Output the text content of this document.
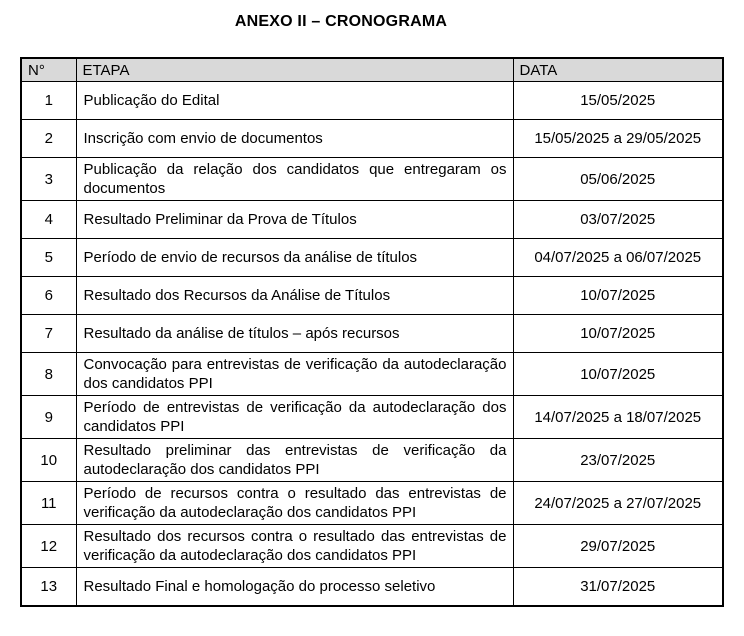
ANEXO II – CRONOGRAMA
N°	ETAPA	DATA
1	Publicação do Edital	15/05/2025
2	Inscrição com envio de documentos	15/05/2025 a 29/05/2025
3	Publicação da relação dos candidatos que entregaram os documentos	05/06/2025
4	Resultado Preliminar da Prova de Títulos	03/07/2025
5	Período de envio de recursos da análise de títulos	04/07/2025 a 06/07/2025
6	Resultado dos Recursos da Análise de Títulos	10/07/2025
7	Resultado da análise de títulos – após recursos	10/07/2025
8	Convocação para entrevistas de verificação da autodeclaração dos candidatos PPI	10/07/2025
9	Período de entrevistas de verificação da autodeclaração dos candidatos PPI	14/07/2025 a 18/07/2025
10	Resultado preliminar das entrevistas de verificação da autodeclaração dos candidatos PPI	23/07/2025
11	Período de recursos contra o resultado das entrevistas de verificação da autodeclaração dos candidatos PPI	24/07/2025 a 27/07/2025
12	Resultado dos recursos contra o resultado das entrevistas de verificação da autodeclaração dos candidatos PPI	29/07/2025
13	Resultado Final e homologação do processo seletivo	31/07/2025
